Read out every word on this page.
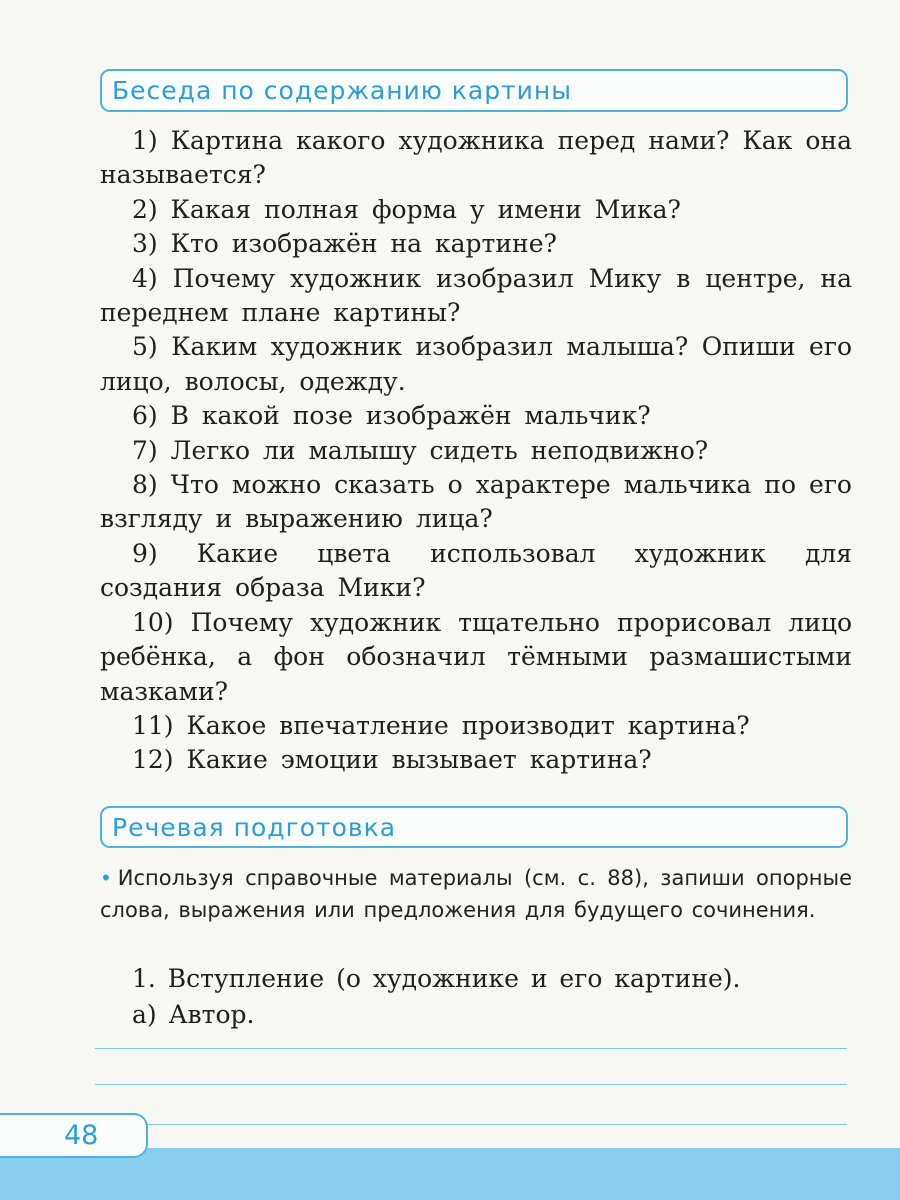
Беседа по содержанию картины
1) Картина какого художника перед нами? Как она называется?
2) Какая полная форма у имени Мика?
3) Кто изображён на картине?
4) Почему художник изобразил Мику в центре, на переднем плане картины?
5) Каким художник изобразил малыша? Опиши его лицо, волосы, одежду.
6) В какой позе изображён мальчик?
7) Легко ли малышу сидеть неподвижно?
8) Что можно сказать о характере мальчика по его взгляду и выражению лица?
9) Какие цвета использовал художник для создания образа Мики?
10) Почему художник тщательно прорисовал лицо ребёнка, а фон обозначил тёмными размашистыми мазками?
11) Какое впечатление производит картина?
12) Какие эмоции вызывает картина?
Речевая подготовка

• Используя справочные материалы (см. с. 88), запиши опорные слова, выражения или предложения для будущего сочинения.

1. Вступление (о художнике и его картине).
а) Автор.
48
